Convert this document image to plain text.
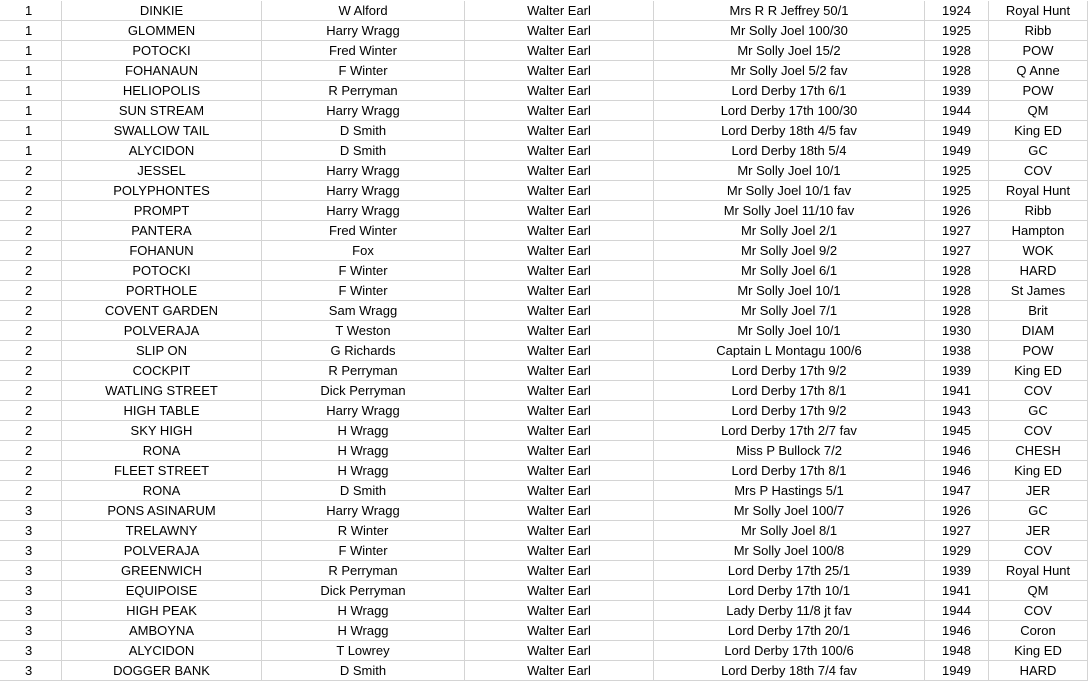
1	DINKIE	W Alford	Walter Earl	Mrs R R Jeffrey 50/1	1924	Royal Hunt
1	GLOMMEN	Harry Wragg	Walter Earl	Mr Solly Joel 100/30	1925	Ribb
1	POTOCKI	Fred Winter	Walter Earl	Mr Solly Joel 15/2	1928	POW
1	FOHANAUN	F Winter	Walter Earl	Mr Solly Joel 5/2 fav	1928	Q Anne
1	HELIOPOLIS	R Perryman	Walter Earl	Lord Derby 17th 6/1	1939	POW
1	SUN STREAM	Harry Wragg	Walter Earl	Lord Derby 17th 100/30	1944	QM
1	SWALLOW TAIL	D Smith	Walter Earl	Lord Derby 18th 4/5 fav	1949	King ED
1	ALYCIDON	D Smith	Walter Earl	Lord Derby 18th 5/4	1949	GC
2	JESSEL	Harry Wragg	Walter Earl	Mr Solly Joel 10/1	1925	COV
2	POLYPHONTES	Harry Wragg	Walter Earl	Mr Solly Joel 10/1 fav	1925	Royal Hunt
2	PROMPT	Harry Wragg	Walter Earl	Mr Solly Joel 11/10 fav	1926	Ribb
2	PANTERA	Fred Winter	Walter Earl	Mr Solly Joel 2/1	1927	Hampton
2	FOHANUN	Fox	Walter Earl	Mr Solly Joel 9/2	1927	WOK
2	POTOCKI	F Winter	Walter Earl	Mr Solly Joel 6/1	1928	HARD
2	PORTHOLE	F Winter	Walter Earl	Mr Solly Joel 10/1	1928	St James
2	COVENT GARDEN	Sam Wragg	Walter Earl	Mr Solly Joel 7/1	1928	Brit
2	POLVERAJA	T Weston	Walter Earl	Mr Solly Joel 10/1	1930	DIAM
2	SLIP ON	G Richards	Walter Earl	Captain L Montagu 100/6	1938	POW
2	COCKPIT	R Perryman	Walter Earl	Lord Derby 17th 9/2	1939	King ED
2	WATLING STREET	Dick Perryman	Walter Earl	Lord Derby 17th 8/1	1941	COV
2	HIGH TABLE	Harry Wragg	Walter Earl	Lord Derby 17th 9/2	1943	GC
2	SKY HIGH	H Wragg	Walter Earl	Lord Derby 17th 2/7 fav	1945	COV
2	RONA	H Wragg	Walter Earl	Miss P Bullock 7/2	1946	CHESH
2	FLEET STREET	H Wragg	Walter Earl	Lord Derby 17th 8/1	1946	King ED
2	RONA	D Smith	Walter Earl	Mrs P Hastings 5/1	1947	JER
3	PONS ASINARUM	Harry Wragg	Walter Earl	Mr Solly Joel 100/7	1926	GC
3	TRELAWNY	R Winter	Walter Earl	Mr Solly Joel 8/1	1927	JER
3	POLVERAJA	F Winter	Walter Earl	Mr Solly Joel 100/8	1929	COV
3	GREENWICH	R Perryman	Walter Earl	Lord Derby 17th 25/1	1939	Royal Hunt
3	EQUIPOISE	Dick Perryman	Walter Earl	Lord Derby 17th 10/1	1941	QM
3	HIGH PEAK	H Wragg	Walter Earl	Lady Derby 11/8 jt fav	1944	COV
3	AMBOYNA	H Wragg	Walter Earl	Lord Derby 17th 20/1	1946	Coron
3	ALYCIDON	T Lowrey	Walter Earl	Lord Derby 17th 100/6	1948	King ED
3	DOGGER BANK	D Smith	Walter Earl	Lord Derby 18th 7/4 fav	1949	HARD
